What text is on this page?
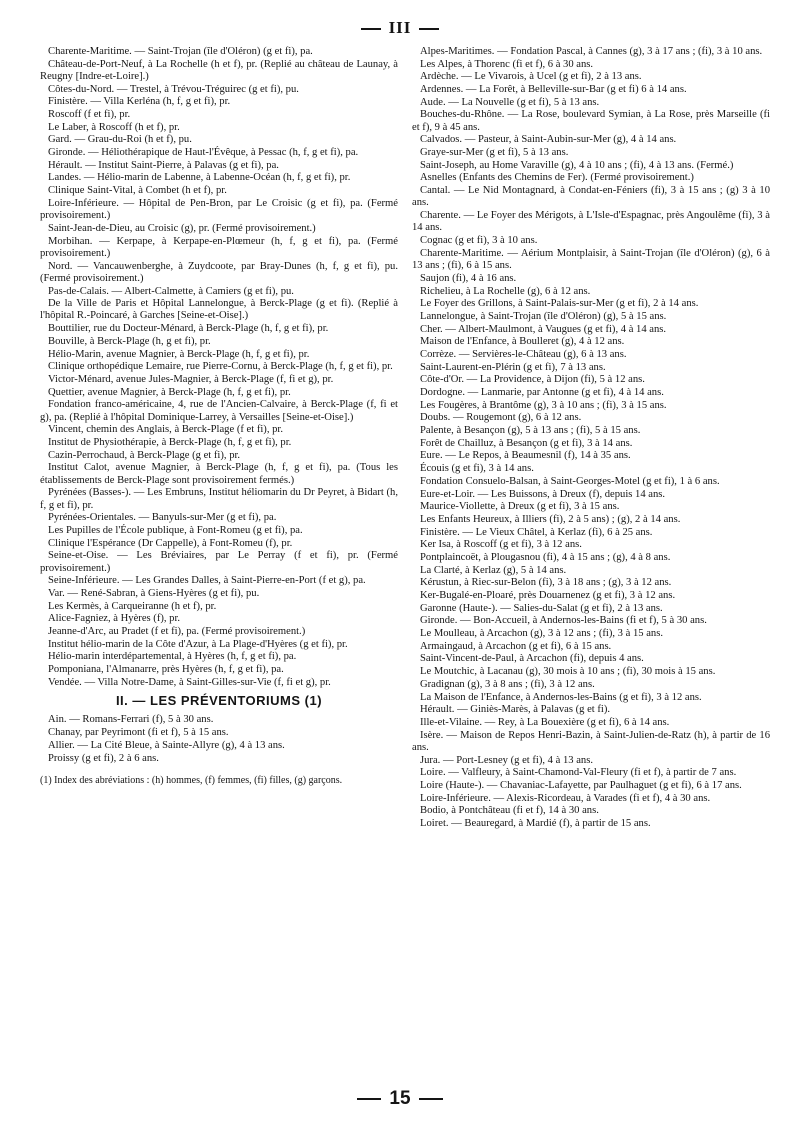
III

Charente-Maritime. — Saint-Trojan (île d'Oléron) (g et fi), pa.

Château-de-Port-Neuf, à La Rochelle (h et f), pr. (Replié au château de Launay, à Reugny [Indre-et-Loire].)

Côtes-du-Nord. — Trestel, à Trévou-Tréguirec (g et fi), pu.

Finistère. — Villa Kerléna (h, f, g et fi), pr.

Roscoff (f et fi), pr.

Le Laber, à Roscoff (h et f), pr.

Gard. — Grau-du-Roi (h et f), pu.

Gironde. — Héliothérapique de Haut-l'Évêque, à Pessac (h, f, g et fi), pa.

Hérault. — Institut Saint-Pierre, à Palavas (g et fi), pa.

Landes. — Hélio-marin de Labenne, à Labenne-Océan (h, f, g et fi), pr.

Clinique Saint-Vital, à Combet (h et f), pr.

Loire-Inférieure. — Hôpital de Pen-Bron, par Le Croisic (g et fi), pa. (Fermé provisoirement.)

Saint-Jean-de-Dieu, au Croisic (g), pr. (Fermé provisoirement.)

Morbihan. — Kerpape, à Kerpape-en-Plœmeur (h, f, g et fi), pa. (Fermé provisoirement.)

Nord. — Vancauwenberghe, à Zuydcoote, par Bray-Dunes (h, f, g et fi), pu. (Fermé provisoirement.)

Pas-de-Calais. — Albert-Calmette, à Camiers (g et fi), pu.

De la Ville de Paris et Hôpital Lannelongue, à Berck-Plage (g et fi). (Replié à l'hôpital R.-Poincaré, à Garches [Seine-et-Oise].)

Bouttilier, rue du Docteur-Ménard, à Berck-Plage (h, f, g et fi), pr.

Bouville, à Berck-Plage (h, g et fi), pr.

Hélio-Marin, avenue Magnier, à Berck-Plage (h, f, g et fi), pr.

Clinique orthopédique Lemaire, rue Pierre-Cornu, à Berck-Plage (h, f, g et fi), pr.

Victor-Ménard, avenue Jules-Magnier, à Berck-Plage (f, fi et g), pr.

Quettier, avenue Magnier, à Berck-Plage (h, f, g et fi), pr.

Fondation franco-américaine, 4, rue de l'Ancien-Calvaire, à Berck-Plage (f, fi et g), pa. (Replié à l'hôpital Dominique-Larrey, à Versailles [Seine-et-Oise].)

Vincent, chemin des Anglais, à Berck-Plage (f et fi), pr.

Institut de Physiothérapie, à Berck-Plage (h, f, g et fi), pr.

Cazin-Perrochaud, à Berck-Plage (g et fi), pr.

Institut Calot, avenue Magnier, à Berck-Plage (h, f, g et fi), pa. (Tous les établissements de Berck-Plage sont provisoirement fermés.)

Pyrénées (Basses-). — Les Embruns, Institut héliomarin du Dr Peyret, à Bidart (h, f, g et fi), pr.

Pyrénées-Orientales. — Banyuls-sur-Mer (g et fi), pa.

Les Pupilles de l'École publique, à Font-Romeu (g et fi), pa.

Clinique l'Espérance (Dr Cappelle), à Font-Romeu (f), pr.

Seine-et-Oise. — Les Bréviaires, par Le Perray (f et fi), pr. (Fermé provisoirement.)

Seine-Inférieure. — Les Grandes Dalles, à Saint-Pierre-en-Port (f et g), pa.

Var. — René-Sabran, à Giens-Hyères (g et fi), pu.

Les Kermès, à Carqueiranne (h et f), pr.

Alice-Fagniez, à Hyères (f), pr.

Jeanne-d'Arc, au Pradet (f et fi), pa. (Fermé provisoirement.)

Institut hélio-marin de la Côte d'Azur, à La Plage-d'Hyères (g et fi), pr.

Hélio-marin interdépartemental, à Hyères (h, f, g et fi), pa.

Pomponiana, l'Almanarre, près Hyères (h, f, g et fi), pa.

Vendée. — Villa Notre-Dame, à Saint-Gilles-sur-Vie (f, fi et g), pr.

II. — LES PRÉVENTORIUMS (1)

Ain. — Romans-Ferrari (f), 5 à 30 ans.

Chanay, par Peyrimont (fi et f), 5 à 15 ans.

Allier. — La Cité Bleue, à Sainte-Allyre (g), 4 à 13 ans.

Proissy (g et fi), 2 à 6 ans.

(1) Index des abréviations : (h) hommes, (f) femmes, (fi) filles, (g) garçons.

Alpes-Maritimes. — Fondation Pascal, à Cannes (g), 3 à 17 ans ; (fi), 3 à 10 ans.

Les Alpes, à Thorenc (fi et f), 6 à 30 ans.

Ardèche. — Le Vivarois, à Ucel (g et fi), 2 à 13 ans.

Ardennes. — La Forêt, à Belleville-sur-Bar (g et fi) 6 à 14 ans.

Aude. — La Nouvelle (g et fi), 5 à 13 ans.

Bouches-du-Rhône. — La Rose, boulevard Symian, à La Rose, près Marseille (fi et f), 9 à 45 ans.

Calvados. — Pasteur, à Saint-Aubin-sur-Mer (g), 4 à 14 ans.

Graye-sur-Mer (g et fi), 5 à 13 ans.

Saint-Joseph, au Home Varaville (g), 4 à 10 ans ; (fi), 4 à 13 ans. (Fermé.)

Asnelles (Enfants des Chemins de Fer). (Fermé provisoirement.)

Cantal. — Le Nid Montagnard, à Condat-en-Féniers (fi), 3 à 15 ans ; (g) 3 à 10 ans.

Charente. — Le Foyer des Mérigots, à L'Isle-d'Espagnac, près Angoulême (fi), 3 à 14 ans.

Cognac (g et fi), 3 à 10 ans.

Charente-Maritime. — Aérium Montplaisir, à Saint-Trojan (île d'Oléron) (g), 6 à 13 ans ; (fi), 6 à 15 ans.

Saujon (fi), 4 à 16 ans.

Richelieu, à La Rochelle (g), 6 à 12 ans.

Le Foyer des Grillons, à Saint-Palais-sur-Mer (g et fi), 2 à 14 ans.

Lannelongue, à Saint-Trojan (île d'Oléron) (g), 5 à 15 ans.

Cher. — Albert-Maulmont, à Vaugues (g et fi), 4 à 14 ans.

Maison de l'Enfance, à Boulleret (g), 4 à 12 ans.

Corrèze. — Servières-le-Château (g), 6 à 13 ans.

Saint-Laurent-en-Plérin (g et fi), 7 à 13 ans.

Côte-d'Or. — La Providence, à Dijon (fi), 5 à 12 ans.

Dordogne. — Lanmarie, par Antonne (g et fi), 4 à 14 ans.

Les Fougères, à Brantôme (g), 3 à 10 ans ; (fi), 3 à 15 ans.

Doubs. — Rougemont (g), 6 à 12 ans.

Palente, à Besançon (g), 5 à 13 ans ; (fi), 5 à 15 ans.

Forêt de Chailluz, à Besançon (g et fi), 3 à 14 ans.

Eure. — Le Repos, à Beaumesnil (f), 14 à 35 ans.

Écouis (g et fi), 3 à 14 ans.

Fondation Consuelo-Balsan, à Saint-Georges-Motel (g et fi), 1 à 6 ans.

Eure-et-Loir. — Les Buissons, à Dreux (f), depuis 14 ans.

Maurice-Viollette, à Dreux (g et fi), 3 à 15 ans.

Les Enfants Heureux, à Illiers (fi), 2 à 5 ans) ; (g), 2 à 14 ans.

Finistère. — Le Vieux Châtel, à Kerlaz (fi), 6 à 25 ans.

Ker Isa, à Roscoff (g et fi), 3 à 12 ans.

Pontplaincoët, à Plougasnou (fi), 4 à 15 ans ; (g), 4 à 8 ans.

La Clarté, à Kerlaz (g), 5 à 14 ans.

Kérustun, à Riec-sur-Belon (fi), 3 à 18 ans ; (g), 3 à 12 ans.

Ker-Bugalé-en-Ploaré, près Douarnenez (g et fi), 3 à 12 ans.

Garonne (Haute-). — Salies-du-Salat (g et fi), 2 à 13 ans.

Gironde. — Bon-Accueil, à Andernos-les-Bains (fi et f), 5 à 30 ans.

Le Moulleau, à Arcachon (g), 3 à 12 ans ; (fi), 3 à 15 ans.

Armaingaud, à Arcachon (g et fi), 6 à 15 ans.

Saint-Vincent-de-Paul, à Arcachon (fi), depuis 4 ans.

Le Moutchic, à Lacanau (g), 30 mois à 10 ans ; (fi), 30 mois à 15 ans.

Gradignan (g), 3 à 8 ans ; (fi), 3 à 12 ans.

La Maison de l'Enfance, à Andernos-les-Bains (g et fi), 3 à 12 ans.

Hérault. — Giniès-Marès, à Palavas (g et fi).

Ille-et-Vilaine. — Rey, à La Bouexière (g et fi), 6 à 14 ans.

Isère. — Maison de Repos Henri-Bazin, à Saint-Julien-de-Ratz (h), à partir de 16 ans.

Jura. — Port-Lesney (g et fi), 4 à 13 ans.

Loire. — Valfleury, à Saint-Chamond-Val-Fleury (fi et f), à partir de 7 ans.

Loire (Haute-). — Chavaniac-Lafayette, par Paulhaguet (g et fi), 6 à 17 ans.

Loire-Inférieure. — Alexis-Ricordeau, à Varades (fi et f), 4 à 30 ans.

Bodio, à Pontchâteau (fi et f), 14 à 30 ans.

Loiret. — Beauregard, à Mardié (f), à partir de 15 ans.

15
